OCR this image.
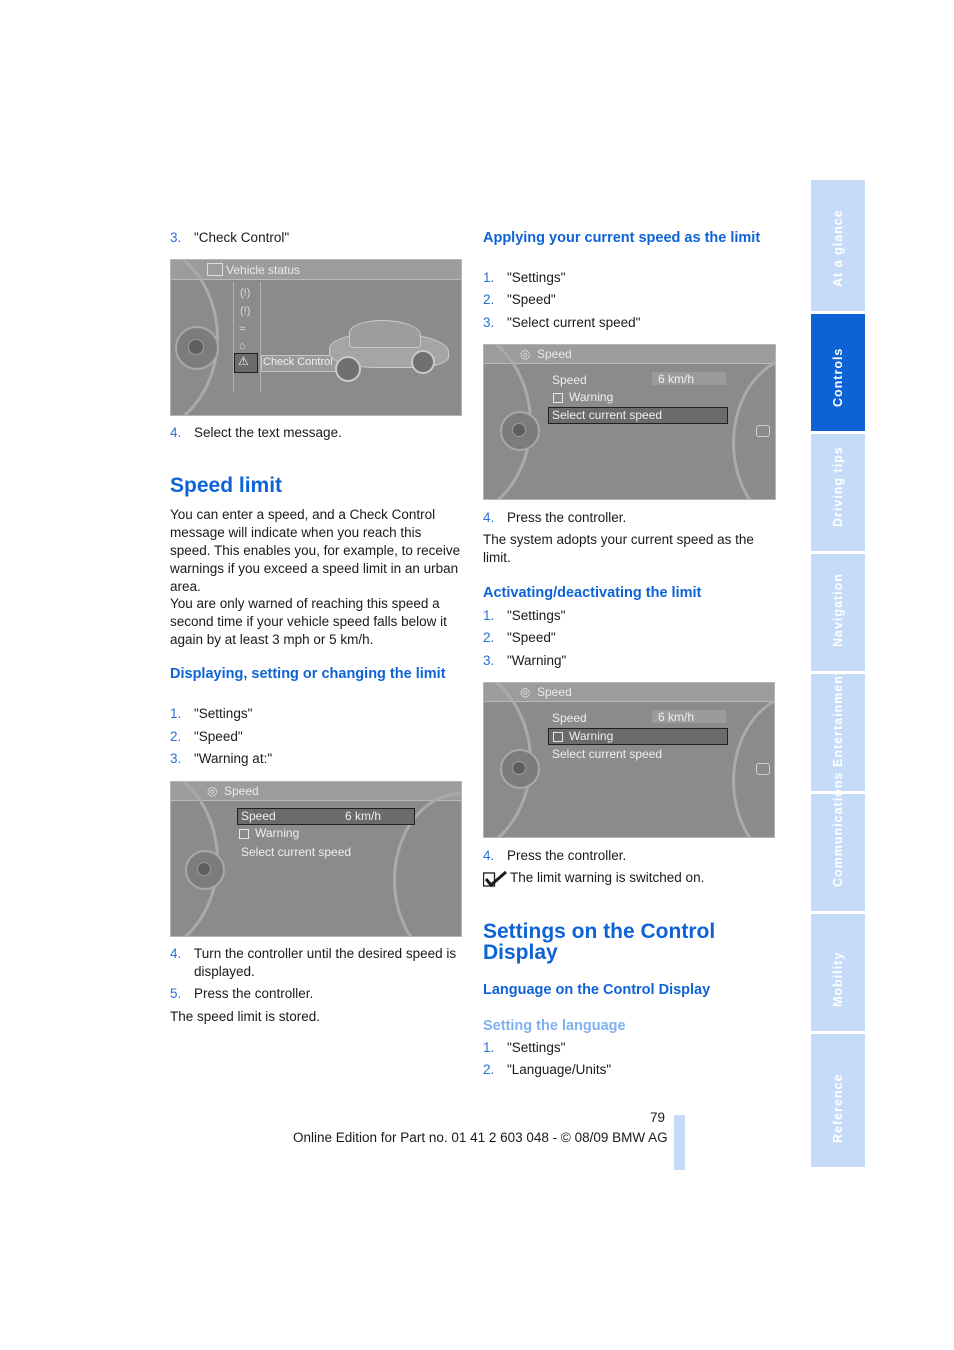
3. "Check Control"
Vehicle status
(!)
(ǃ)
≈
⌂
⚠ Check Control
4. Select the text message.
Speed limit

You can enter a speed, and a Check Control message will indicate when you reach this speed. This enables you, for example, to receive warnings if you exceed a speed limit in an urban area.

You are only warned of reaching this speed a second time if your vehicle speed falls below it again by at least 3 mph or 5 km/h.

Displaying, setting or changing the limit
1. "Settings"
2. "Speed"
3. "Warning at:"
◎ Speed
Speed	6 km/h
Warning
Select current speed
4. Turn the controller until the desired speed is displayed.
5. Press the controller.

The speed limit is stored.

Applying your current speed as the limit
1. "Settings"
2. "Speed"
3. "Select current speed"
◎ Speed
Speed	6 km/h
Warning
Select current speed
4. Press the controller.

The system adopts your current speed as the limit.

Activating/deactivating the limit
1. "Settings"
2. "Speed"
3. "Warning"
◎ Speed
Speed	6 km/h
Warning
Select current speed
4. Press the controller.

The limit warning is switched on.

Settings on the Control Display
Language on the Control Display
Setting the language
1. "Settings"
2. "Language/Units"
At a glance
Controls
Driving tips
Navigation
Entertainment
Communications
Mobility
Reference
79
Online Edition for Part no. 01 41 2 603 048 - © 08/09 BMW AG
